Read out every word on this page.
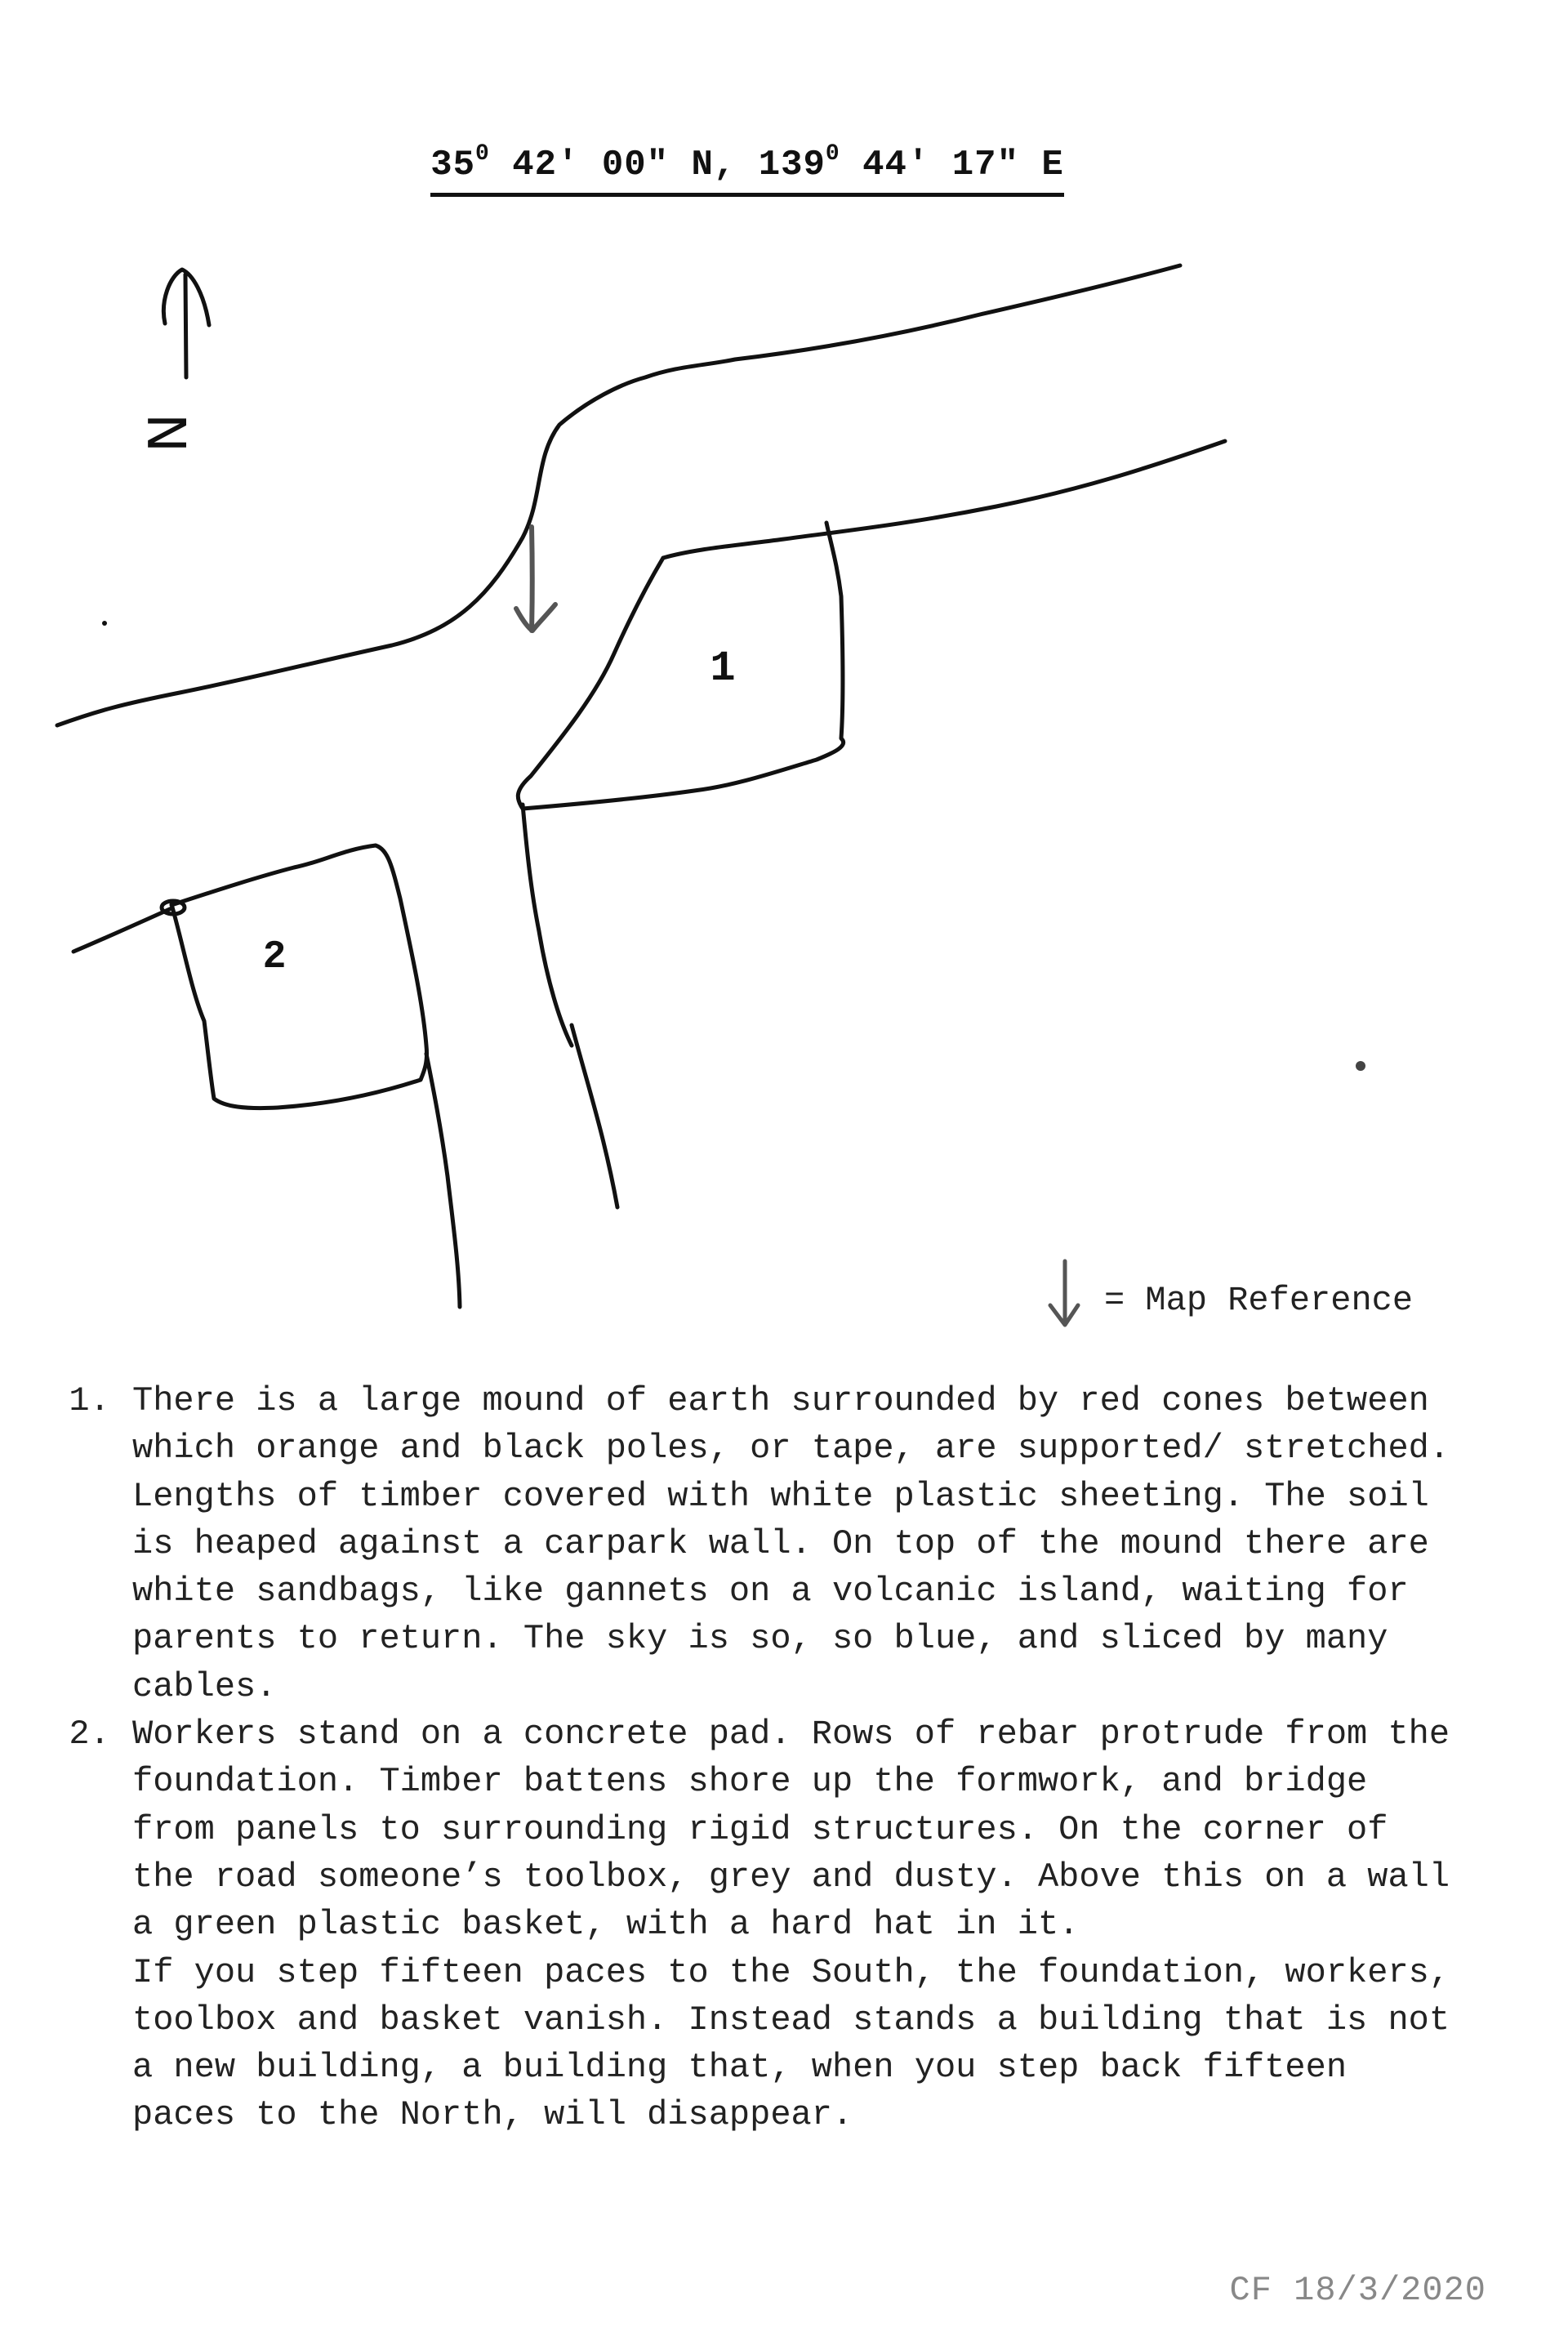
$35^0$ 42′ 00″ N, $139^0$ 44′ 17″ E
N
1
2
= Map Reference

1. There is a large mound of earth surrounded by red cones between which orange and black poles, or tape, are supported/ stretched. Lengths of timber covered with white plastic sheeting. The soil is heaped against a carpark wall. On top of the mound there are white sandbags, like gannets on a volcanic island, waiting for parents to return. The sky is so, so blue, and sliced by many cables.

2. Workers stand on a concrete pad. Rows of rebar protrude from the foundation. Timber battens shore up the formwork, and bridge from panels to surrounding rigid structures. On the corner of the road someone’s toolbox, grey and dusty. Above this on a wall a green plastic basket, with a hard hat in it.

If you step fifteen paces to the South, the foundation, workers, toolbox and basket vanish. Instead stands a building that is not a new building, a building that, when you step back fifteen paces to the North, will disappear.

CF 18/3/2020
